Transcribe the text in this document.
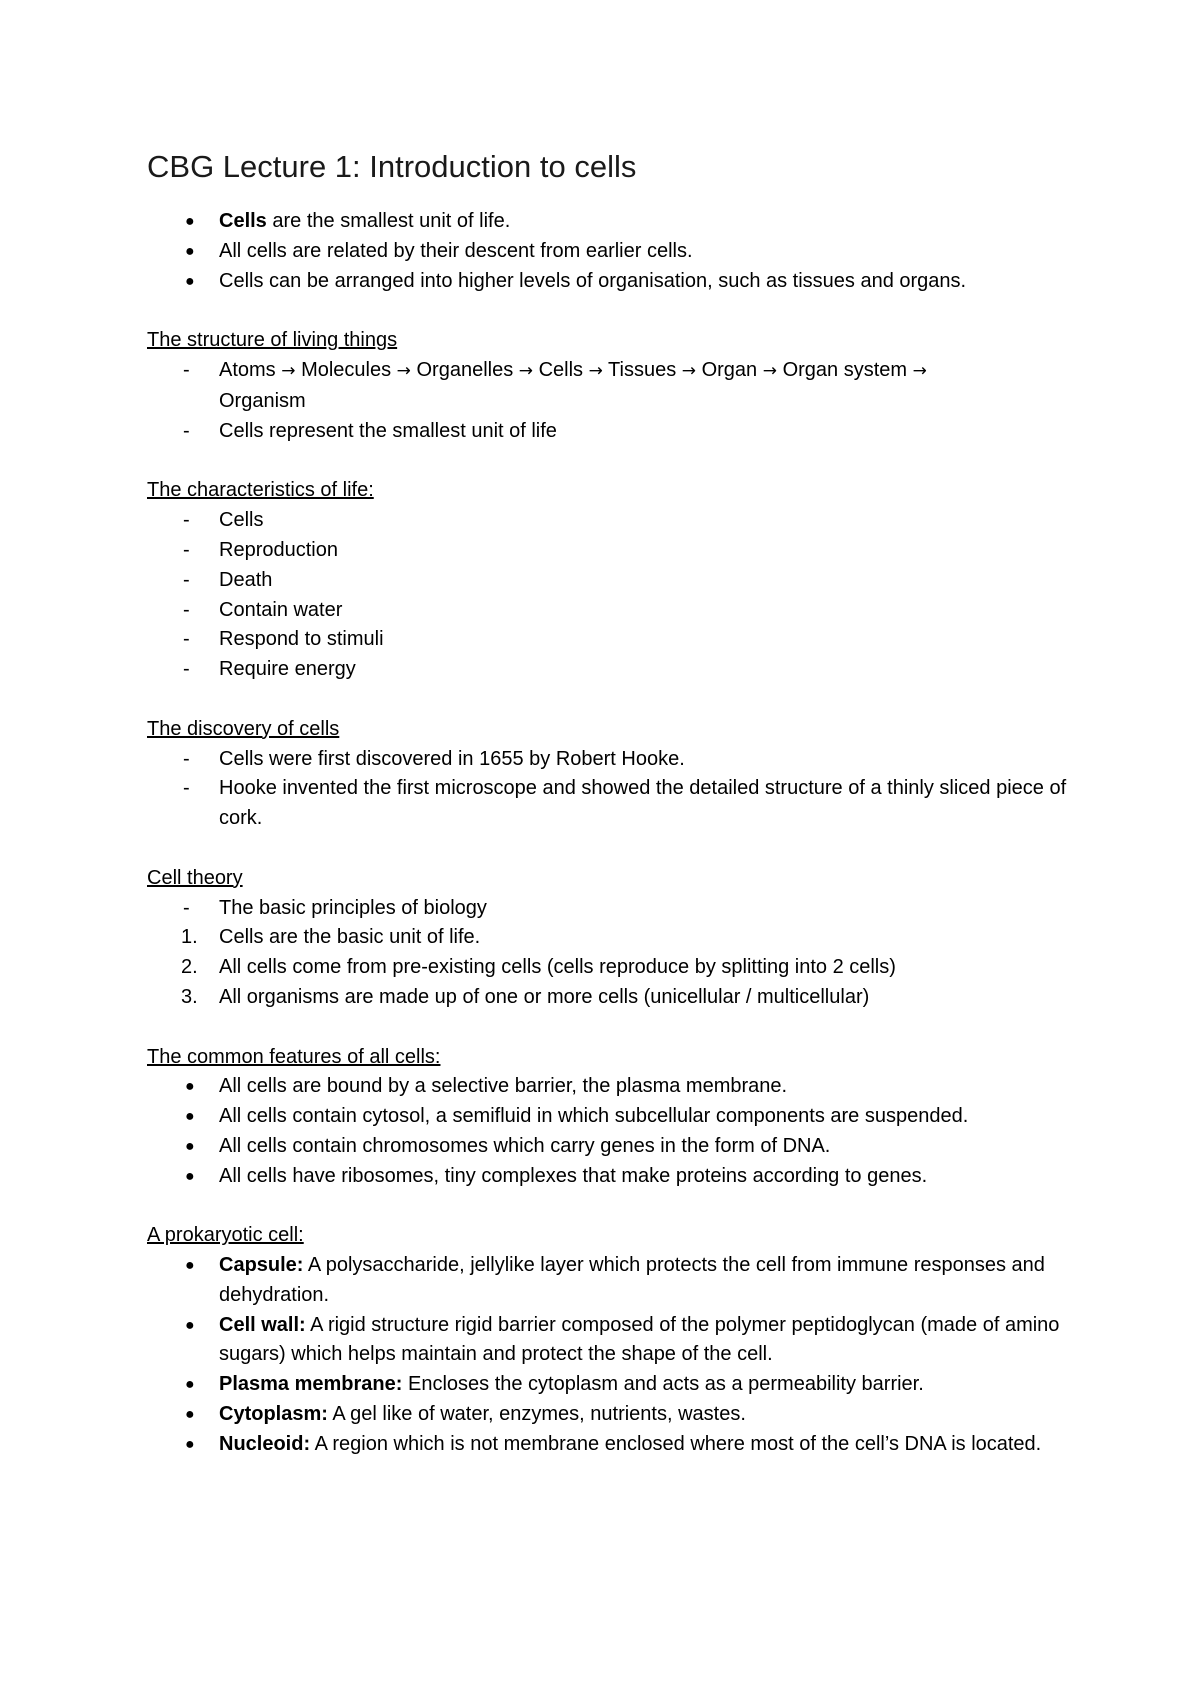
CBG Lecture 1: Introduction to cells
●
Cells are the smallest unit of life.
●
All cells are related by their descent from earlier cells.
●
Cells can be arranged into higher levels of organisation, such as tissues and organs.
The structure of living things
-
Atoms → Molecules → Organelles → Cells → Tissues → Organ → Organ system →
Organism
-
Cells represent the smallest unit of life
The characteristics of life:
-
Cells
-
Reproduction
-
Death
-
Contain water
-
Respond to stimuli
-
Require energy
The discovery of cells
-
Cells were first discovered in 1655 by Robert Hooke.
-
Hooke invented the first microscope and showed the detailed structure of a thinly sliced piece of cork.
Cell theory
-
The basic principles of biology
1.	Cells are the basic unit of life.
2.	All cells come from pre-existing cells (cells reproduce by splitting into 2 cells)
3.	All organisms are made up of one or more cells (unicellular / multicellular)
The common features of all cells:
●
All cells are bound by a selective barrier, the plasma membrane.
●
All cells contain cytosol, a semifluid in which subcellular components are suspended.
●
All cells contain chromosomes which carry genes in the form of DNA.
●
All cells have ribosomes, tiny complexes that make proteins according to genes.
A prokaryotic cell:
●
Capsule: A polysaccharide, jellylike layer which protects the cell from immune responses and dehydration.
●
Cell wall: A rigid structure rigid barrier composed of the polymer peptidoglycan (made of amino sugars) which helps maintain and protect the shape of the cell.
●
Plasma membrane: Encloses the cytoplasm and acts as a permeability barrier.
●
Cytoplasm: A gel like of water, enzymes, nutrients, wastes.
●
Nucleoid: A region which is not membrane enclosed where most of the cell’s DNA is located.
